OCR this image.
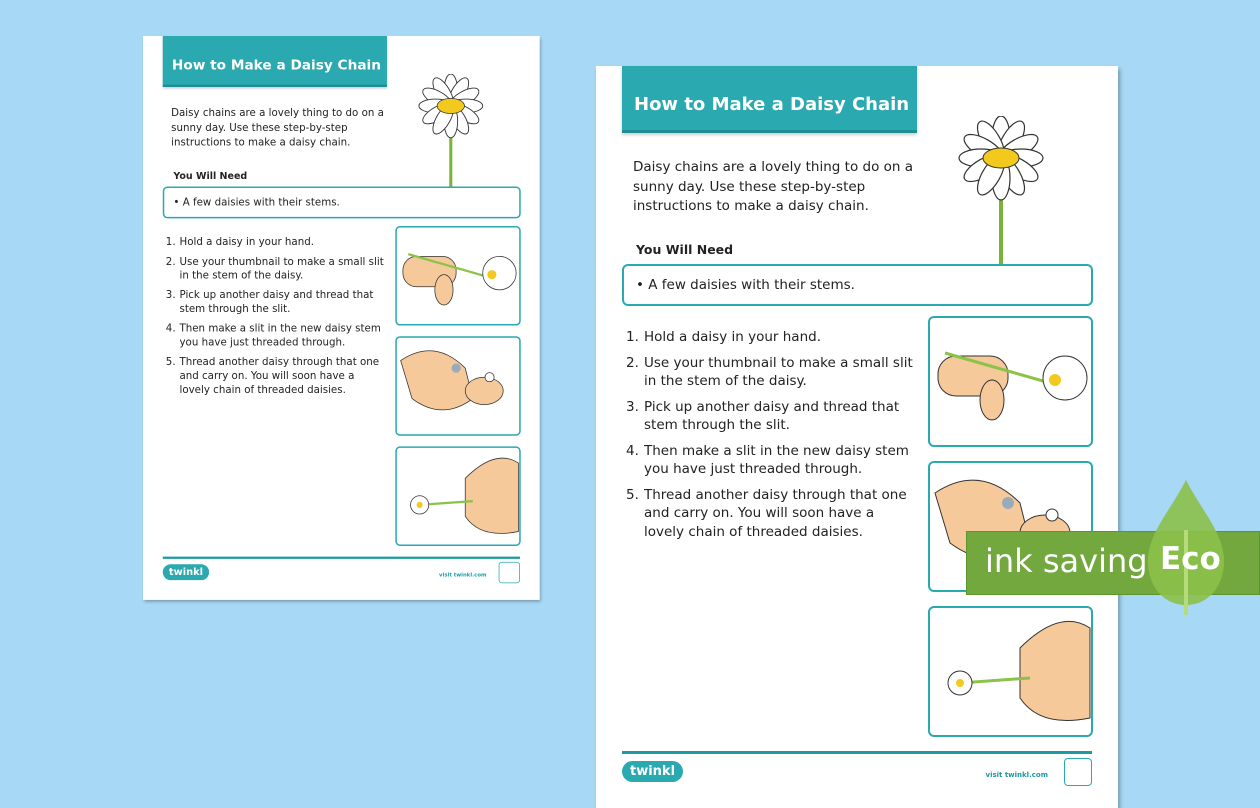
How to Make a Daisy Chain
Daisy chains are a lovely thing to do on a sunny day. Use these step-by-step instructions to make a daisy chain.
You Will Need
• A few daisies with their stems.
1. Hold a daisy in your hand.
2. Use your thumbnail to make a small slit in the stem of the daisy.
3. Pick up another daisy and thread that stem through the slit.
4. Then make a slit in the new daisy stem you have just threaded through.
5. Thread another daisy through that one and carry on. You will soon have a lovely chain of threaded daisies.
twinkl	visit twinkl.com
How to Make a Daisy Chain
Daisy chains are a lovely thing to do on a sunny day. Use these step-by-step instructions to make a daisy chain.
You Will Need
• A few daisies with their stems.
1. Hold a daisy in your hand.
2. Use your thumbnail to make a small slit in the stem of the daisy.
3. Pick up another daisy and thread that stem through the slit.
4. Then make a slit in the new daisy stem you have just threaded through.
5. Thread another daisy through that one and carry on. You will soon have a lovely chain of threaded daisies.
twinkl	visit twinkl.com
ink saving Eco
